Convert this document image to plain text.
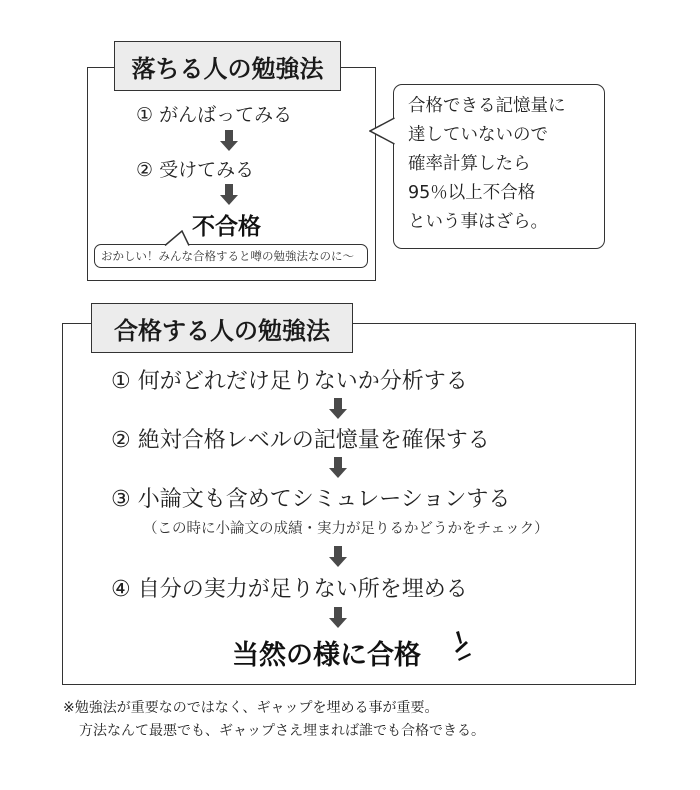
落ちる人の勉強法
① がんばってみる
② 受けてみる
不合格
おかしい！みんな合格すると噂の勉強法なのに〜
合格できる記憶量に
達していないので
確率計算したら
95％以上不合格
という事はざら。
合格する人の勉強法
① 何がどれだけ足りないか分析する
② 絶対合格レベルの記憶量を確保する
③ 小論文も含めてシミュレーションする
（この時に小論文の成績・実力が足りるかどうかをチェック）
④ 自分の実力が足りない所を埋める
当然の様に合格
※勉強法が重要なのではなく、ギャップを埋める事が重要。
方法なんて最悪でも、ギャップさえ埋まれば誰でも合格できる。
